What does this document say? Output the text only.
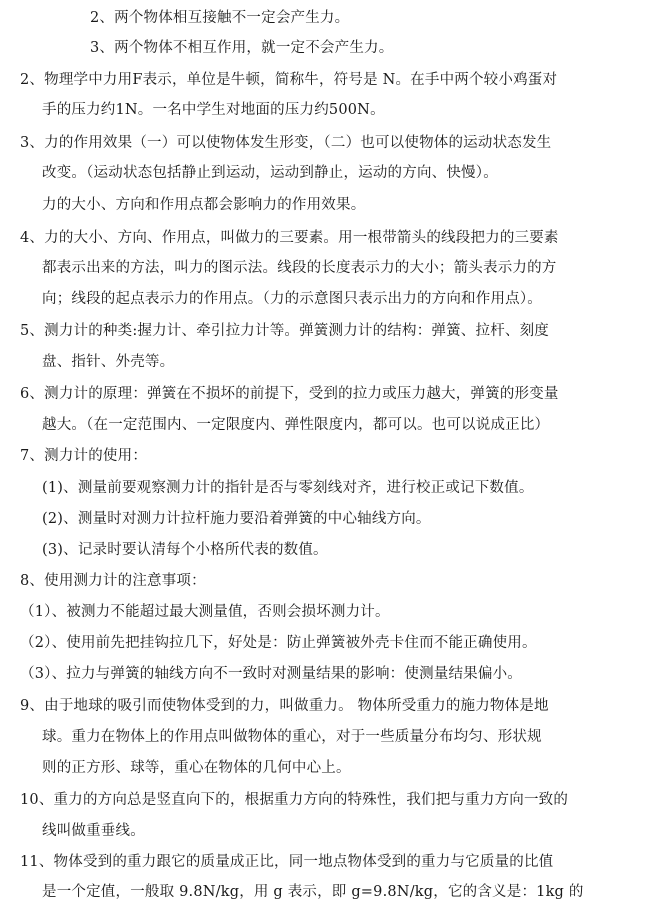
2、两个物体相互接触不一定会产生力。
3、两个物体不相互作用，就一定不会产生力。
2、物理学中力用F表示，单位是牛顿，简称牛，符号是 N。在手中两个较小鸡蛋对
手的压力约1N。一名中学生对地面的压力约500N。
3、力的作用效果（一）可以使物体发生形变，（二）也可以使物体的运动状态发生
改变。（运动状态包括静止到运动，运动到静止，运动的方向、快慢）。
力的大小、方向和作用点都会影响力的作用效果。
4、力的大小、方向、作用点，叫做力的三要素。用一根带箭头的线段把力的三要素
都表示出来的方法，叫力的图示法。线段的长度表示力的大小；箭头表示力的方
向；线段的起点表示力的作用点。（力的示意图只表示出力的方向和作用点）。
5、测力计的种类:握力计、牵引拉力计等。弹簧测力计的结构：弹簧、拉杆、刻度
盘、指针、外壳等。
6、测力计的原理：弹簧在不损坏的前提下，受到的拉力或压力越大，弹簧的形变量
越大。（在一定范围内、一定限度内、弹性限度内，都可以。也可以说成正比）
7、测力计的使用：
(1)、测量前要观察测力计的指针是否与零刻线对齐，进行校正或记下数值。
(2)、测量时对测力计拉杆施力要沿着弹簧的中心轴线方向。
(3)、记录时要认清每个小格所代表的数值。
8、使用测力计的注意事项：
（1）、被测力不能超过最大测量值，否则会损坏测力计。
（2）、使用前先把挂钩拉几下，好处是：防止弹簧被外壳卡住而不能正确使用。
（3）、拉力与弹簧的轴线方向不一致时对测量结果的影响：使测量结果偏小。
9、由于地球的吸引而使物体受到的力，叫做重力。 物体所受重力的施力物体是地
球。重力在物体上的作用点叫做物体的重心，对于一些质量分布均匀、形状规
则的正方形、球等，重心在物体的几何中心上。
10、重力的方向总是竖直向下的，根据重力方向的特殊性，我们把与重力方向一致的
线叫做重垂线。
11、物体受到的重力跟它的质量成正比，同一地点物体受到的重力与它质量的比值
是一个定值，一般取 9.8N/kg，用 g 表示，即 g=9.8N/kg，它的含义是：1kg 的
